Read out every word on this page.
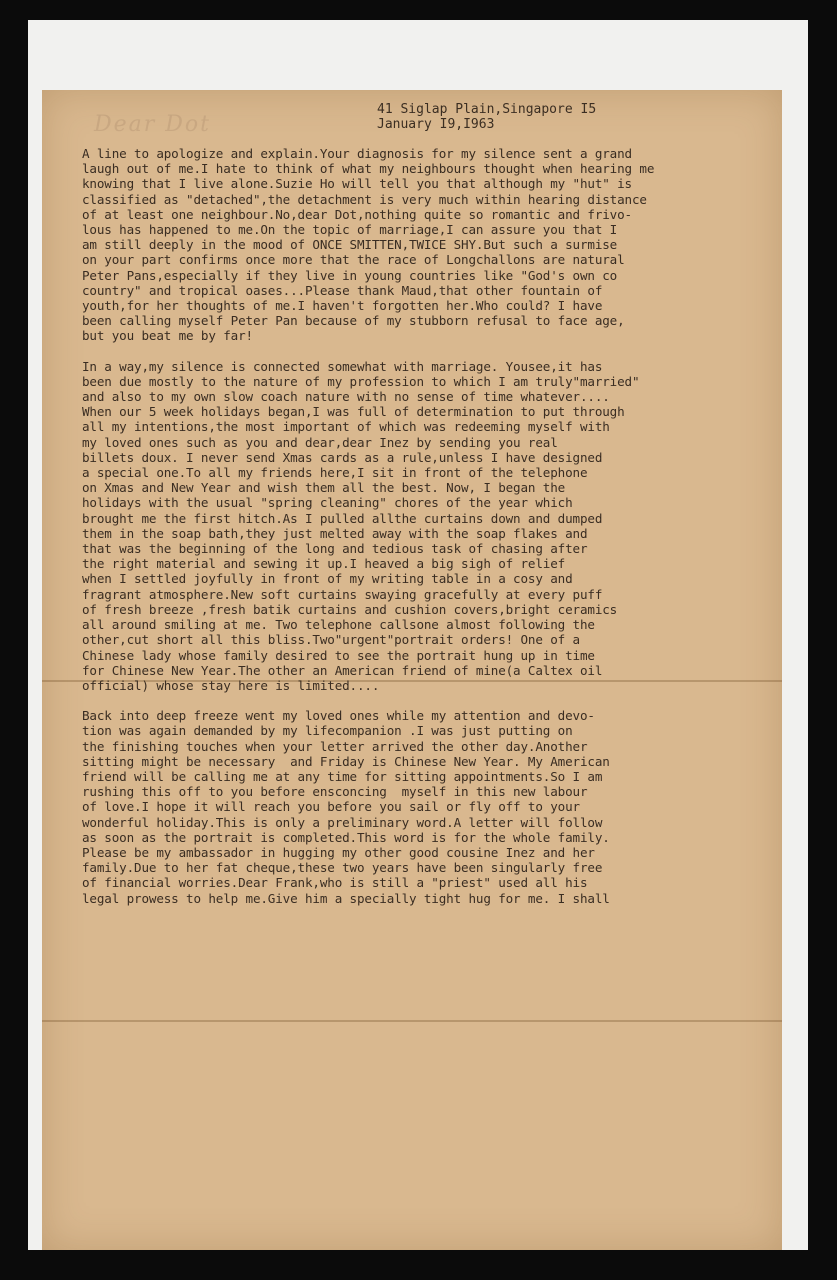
Dear Dot
41 Siglap Plain,Singapore I5
January I9,I963
A line to apologize and explain.Your diagnosis for my silence sent a grand
laugh out of me.I hate to think of what my neighbours thought when hearing me
knowing that I live alone.Suzie Ho will tell you that although my "hut" is
classified as "detached",the detachment is very much within hearing distance
of at least one neighbour.No,dear Dot,nothing quite so romantic and frivo-
lous has happened to me.On the topic of marriage,I can assure you that I
am still deeply in the mood of ONCE SMITTEN,TWICE SHY.But such a surmise
on your part confirms once more that the race of Longchallons are natural
Peter Pans,especially if they live in young countries like "God's own co
country" and tropical oases...Please thank Maud,that other fountain of
youth,for her thoughts of me.I haven't forgotten her.Who could? I have
been calling myself Peter Pan because of my stubborn refusal to face age,
but you beat me by far!
In a way,my silence is connected somewhat with marriage. Yousee,it has
been due mostly to the nature of my profession to which I am truly"married"
and also to my own slow coach nature with no sense of time whatever....
When our 5 week holidays began,I was full of determination to put through
all my intentions,the most important of which was redeeming myself with
my loved ones such as you and dear,dear Inez by sending you real
billets doux. I never send Xmas cards as a rule,unless I have designed
a special one.To all my friends here,I sit in front of the telephone
on Xmas and New Year and wish them all the best. Now, I began the
holidays with the usual "spring cleaning" chores of the year which
brought me the first hitch.As I pulled allthe curtains down and dumped
them in the soap bath,they just melted away with the soap flakes and
that was the beginning of the long and tedious task of chasing after
the right material and sewing it up.I heaved a big sigh of relief
when I settled joyfully in front of my writing table in a cosy and
fragrant atmosphere.New soft curtains swaying gracefully at every puff
of fresh breeze ,fresh batik curtains and cushion covers,bright ceramics
all around smiling at me. Two telephone callsone almost following the
other,cut short all this bliss.Two"urgent"portrait orders! One of a
Chinese lady whose family desired to see the portrait hung up in time
for Chinese New Year.The other an American friend of mine(a Caltex oil
official) whose stay here is limited....
Back into deep freeze went my loved ones while my attention and devo-
tion was again demanded by my lifecompanion .I was just putting on
the finishing touches when your letter arrived the other day.Another
sitting might be necessary  and Friday is Chinese New Year. My American
friend will be calling me at any time for sitting appointments.So I am
rushing this off to you before ensconcing  myself in this new labour
of love.I hope it will reach you before you sail or fly off to your
wonderful holiday.This is only a preliminary word.A letter will follow
as soon as the portrait is completed.This word is for the whole family.
Please be my ambassador in hugging my other good cousine Inez and her
family.Due to her fat cheque,these two years have been singularly free
of financial worries.Dear Frank,who is still a "priest" used all his
legal prowess to help me.Give him a specially tight hug for me. I shall
